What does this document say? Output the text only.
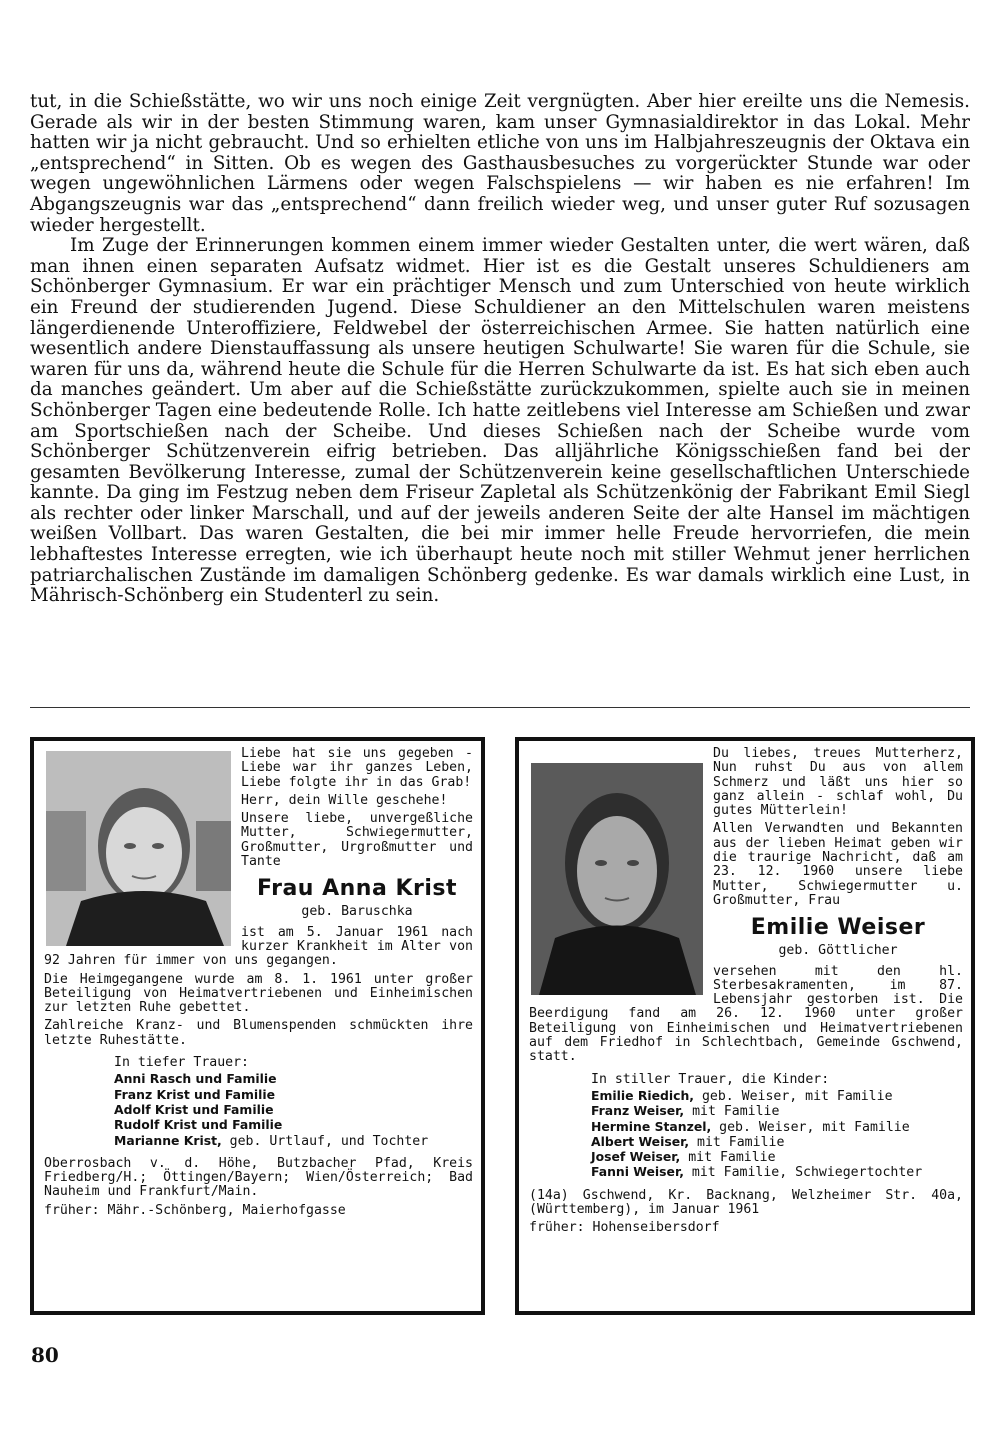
tut, in die Schießstätte, wo wir uns noch einige Zeit vergnügten. Aber hier ereilte uns die Nemesis. Gerade als wir in der besten Stimmung waren, kam unser Gymnasialdirektor in das Lokal. Mehr hatten wir ja nicht gebraucht. Und so erhielten etliche von uns im Halbjahreszeugnis der Oktava ein „entsprechend“ in Sitten. Ob es wegen des Gasthausbesuches zu vorgerückter Stunde war oder wegen ungewöhnlichen Lärmens oder wegen Falschspielens — wir haben es nie erfahren! Im Abgangszeugnis war das „entsprechend“ dann freilich wieder weg, und unser guter Ruf sozusagen wieder hergestellt.

Im Zuge der Erinnerungen kommen einem immer wieder Gestalten unter, die wert wären, daß man ihnen einen separaten Aufsatz widmet. Hier ist es die Gestalt unseres Schuldieners am Schönberger Gymnasium. Er war ein prächtiger Mensch und zum Unterschied von heute wirklich ein Freund der studierenden Jugend. Diese Schuldiener an den Mittelschulen waren meistens längerdienende Unteroffiziere, Feldwebel der österreichischen Armee. Sie hatten natürlich eine wesentlich andere Dienstauffassung als unsere heutigen Schulwarte! Sie waren für die Schule, sie waren für uns da, während heute die Schule für die Herren Schulwarte da ist. Es hat sich eben auch da manches geändert. Um aber auf die Schießstätte zurückzukommen, spielte auch sie in meinen Schönberger Tagen eine bedeutende Rolle. Ich hatte zeitlebens viel Interesse am Schießen und zwar am Sportschießen nach der Scheibe. Und dieses Schießen nach der Scheibe wurde vom Schönberger Schützenverein eifrig betrieben. Das alljährliche Königsschießen fand bei der gesamten Bevölkerung Interesse, zumal der Schützenverein keine gesellschaftlichen Unterschiede kannte. Da ging im Festzug neben dem Friseur Zapletal als Schützenkönig der Fabrikant Emil Siegl als rechter oder linker Marschall, und auf der jeweils anderen Seite der alte Hansel im mächtigen weißen Vollbart. Das waren Gestalten, die bei mir immer helle Freude hervorriefen, die mein lebhaftestes Interesse erregten, wie ich überhaupt heute noch mit stiller Wehmut jener herrlichen patriarchalischen Zustände im damaligen Schönberg gedenke. Es war damals wirklich eine Lust, in Mährisch-Schönberg ein Studenterl zu sein.

Liebe hat sie uns gegeben - Liebe war ihr ganzes Leben, Liebe folgte ihr in das Grab!

Herr, dein Wille geschehe!

Unsere liebe, unvergeßliche Mutter, Schwiegermutter, Großmutter, Urgroßmutter und Tante

Frau Anna Krist
geb. Baruschka

ist am 5. Januar 1961 nach kurzer Krankheit im Alter von 92 Jahren für immer von uns gegangen.

Die Heimgegangene wurde am 8. 1. 1961 unter großer Beteiligung von Heimatvertriebenen und Einheimischen zur letzten Ruhe gebettet.

Zahlreiche Kranz- und Blumenspenden schmückten ihre letzte Ruhestätte.

In tiefer Trauer:
Anni Rasch und Familie
Franz Krist und Familie
Adolf Krist und Familie
Rudolf Krist und Familie
Marianne Krist, geb. Urtlauf, und Tochter

Oberrosbach v. d. Höhe, Butzbacher Pfad, Kreis Friedberg/H.; Öttingen/Bayern; Wien/Österreich; Bad Nauheim und Frankfurt/Main.

früher: Mähr.-Schönberg, Maierhofgasse

Du liebes, treues Mutterherz, Nun ruhst Du aus von allem Schmerz und läßt uns hier so ganz allein - schlaf wohl, Du gutes Mütterlein!

Allen Verwandten und Bekannten aus der lieben Heimat geben wir die traurige Nachricht, daß am 23. 12. 1960 unsere liebe Mutter, Schwiegermutter u. Großmutter, Frau

Emilie Weiser
geb. Göttlicher

versehen mit den hl. Sterbesakramenten, im 87. Lebensjahr gestorben ist. Die Beerdigung fand am 26. 12. 1960 unter großer Beteiligung von Einheimischen und Heimatvertriebenen auf dem Friedhof in Schlechtbach, Gemeinde Gschwend, statt.

In stiller Trauer, die Kinder:
Emilie Riedich, geb. Weiser, mit Familie
Franz Weiser, mit Familie
Hermine Stanzel, geb. Weiser, mit Familie
Albert Weiser, mit Familie
Josef Weiser, mit Familie
Fanni Weiser, mit Familie, Schwiegertochter

(14a) Gschwend, Kr. Backnang, Welzheimer Str. 40a, (Württemberg), im Januar 1961

früher: Hohenseibersdorf

80
